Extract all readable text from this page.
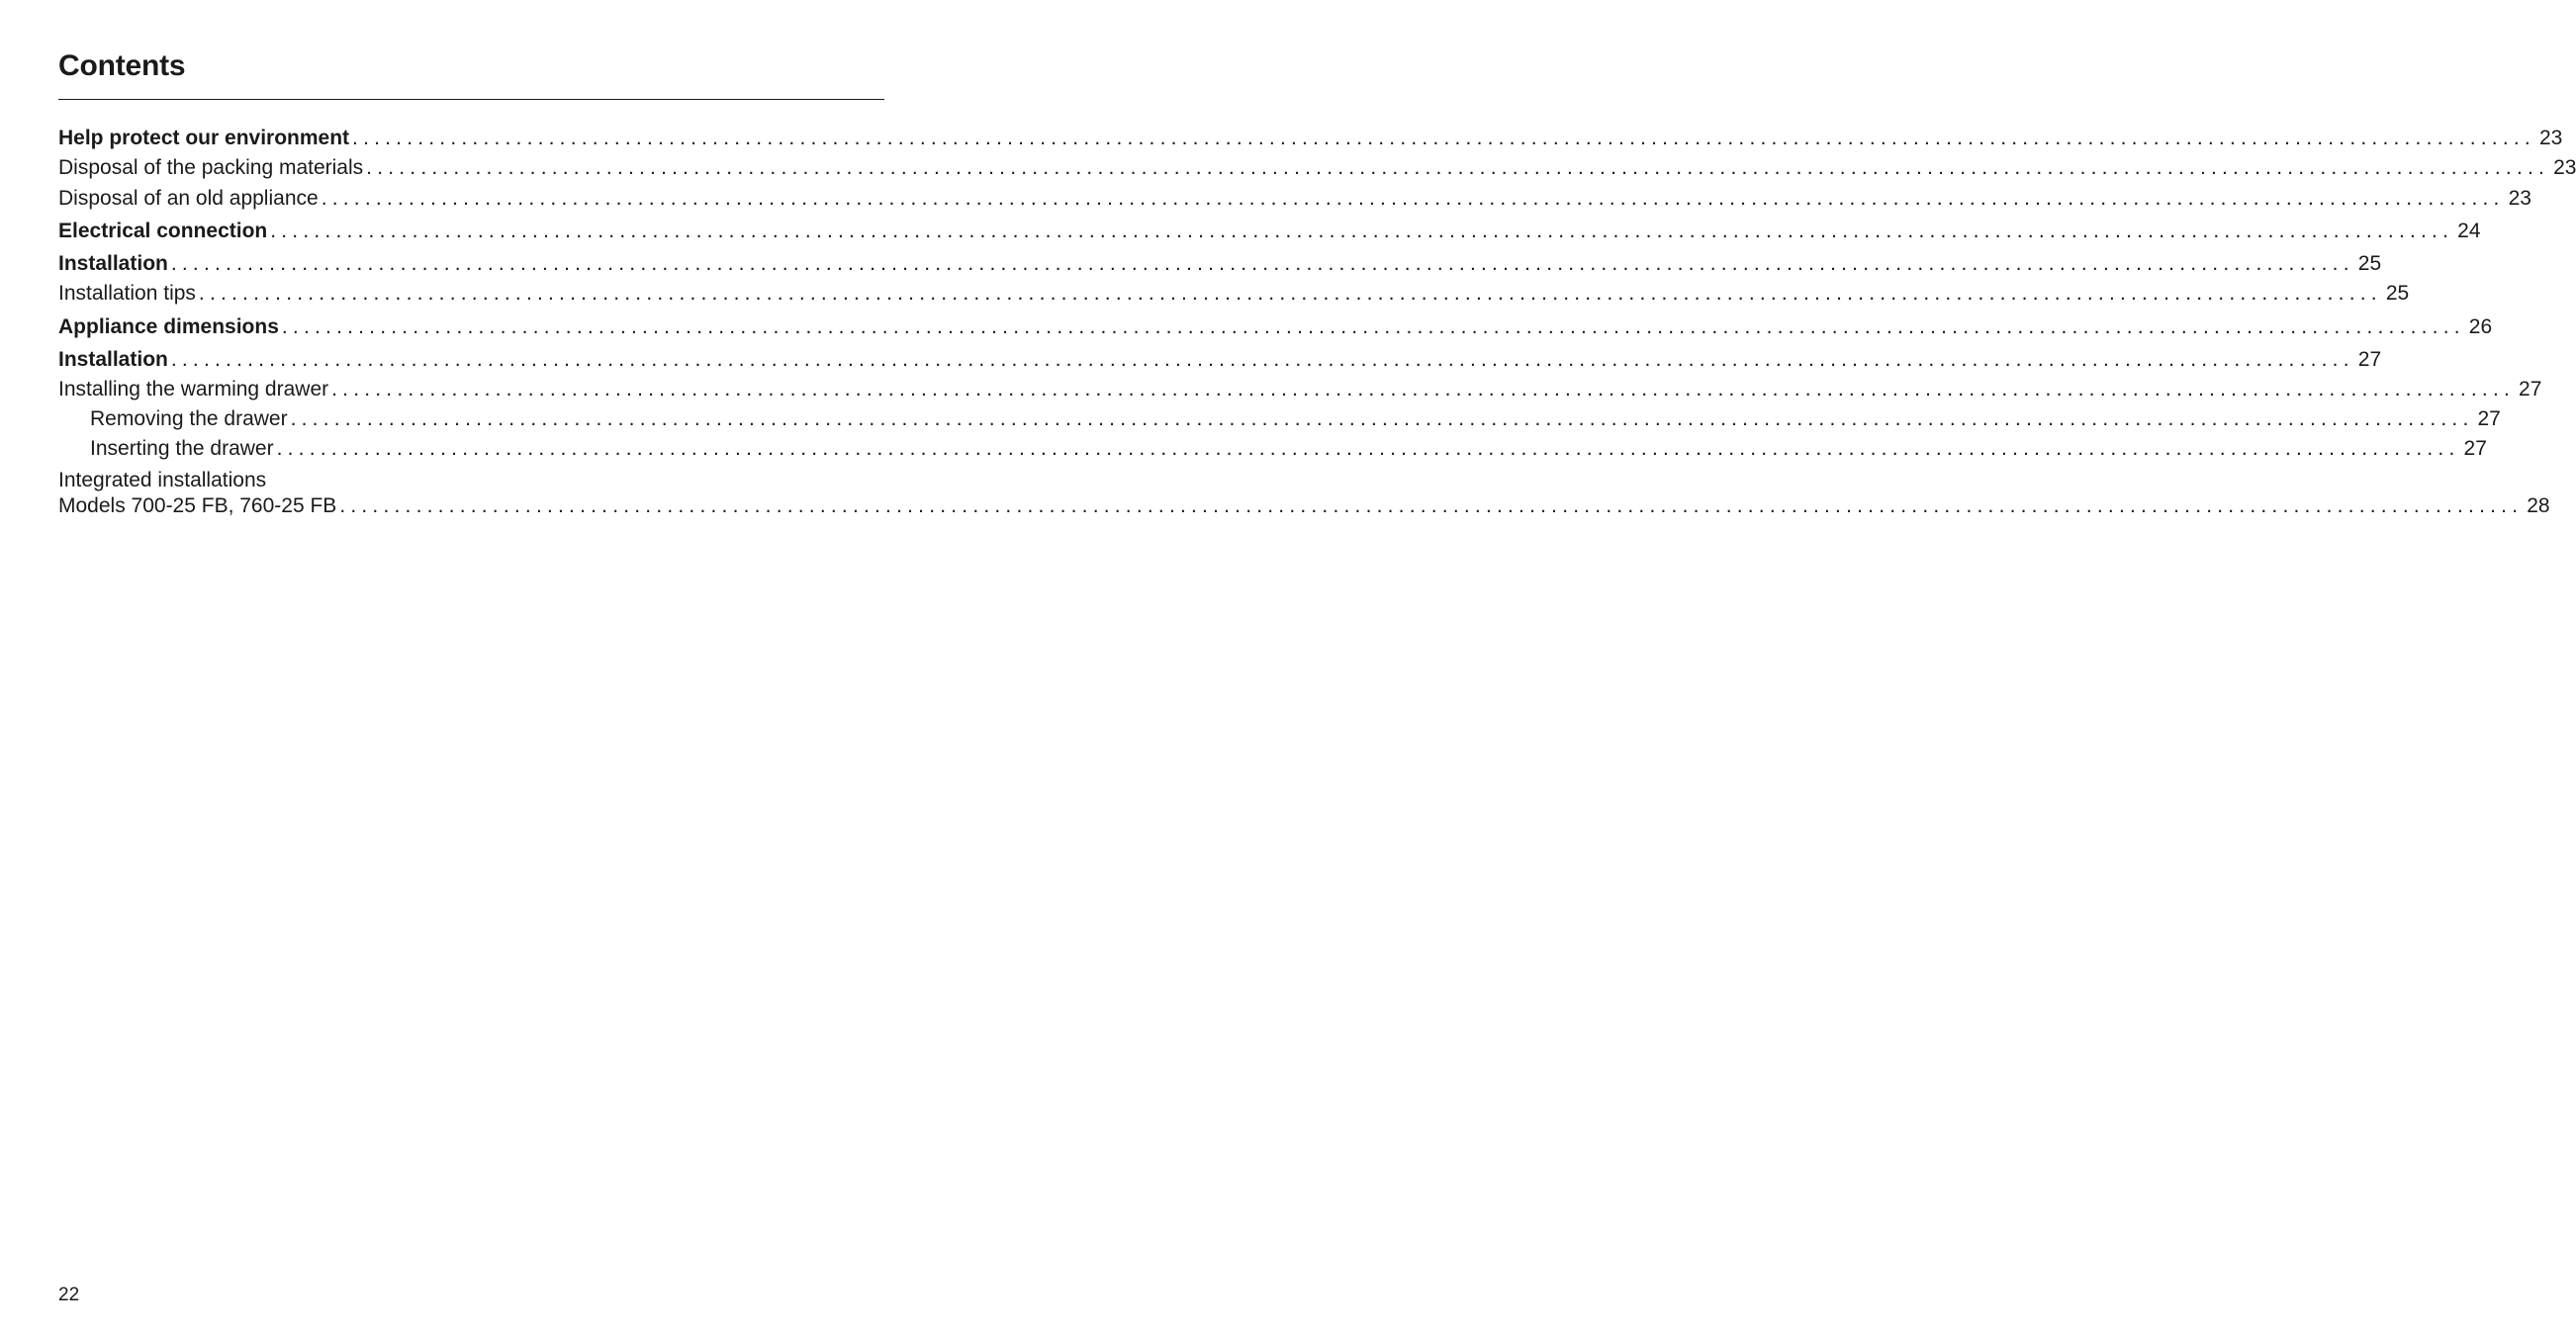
Contents
Help protect our environment ........................................................................................................................................................................................................ 23
Disposal of the packing materials ........................................................................................................................................................................................................ 23
Disposal of an old appliance ........................................................................................................................................................................................................ 23
Electrical connection ........................................................................................................................................................................................................ 24
Installation ........................................................................................................................................................................................................ 25
Installation tips ........................................................................................................................................................................................................ 25
Appliance dimensions ........................................................................................................................................................................................................ 26
Installation ........................................................................................................................................................................................................ 27
Installing the warming drawer ........................................................................................................................................................................................................ 27
Removing the drawer ........................................................................................................................................................................................................ 27
Inserting the drawer ........................................................................................................................................................................................................ 27
Integrated installations
Models 700-25 FB, 760-25 FB ........................................................................................................................................................................................................ 28
22
